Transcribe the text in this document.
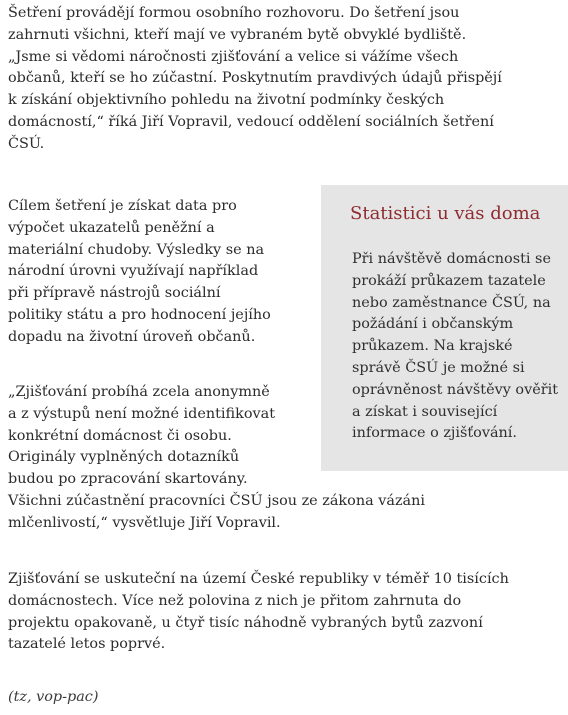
Šetření provádějí formou osobního rozhovoru. Do šetření jsou
zahrnuti všichni, kteří mají ve vybraném bytě obvyklé bydliště.
„Jsme si vědomi náročnosti zjišťování a velice si vážíme všech
občanů, kteří se ho zúčastní. Poskytnutím pravdivých údajů přispějí
k získání objektivního pohledu na životní podmínky českých
domácností,“ říká Jiří Vopravil, vedoucí oddělení sociálních šetření
ČSÚ.

Cílem šetření je získat data pro
výpočet ukazatelů peněžní a
materiální chudoby. Výsledky se na
národní úrovni využívají například
při přípravě nástrojů sociální
politiky státu a pro hodnocení jejího
dopadu na životní úroveň občanů.

Statistici u vás doma

Při návštěvě domácnosti se
prokáží průkazem tazatele
nebo zaměstnance ČSÚ, na
požádání i občanským
průkazem. Na krajské
správě ČSÚ je možné si
oprávněnost návštěvy ověřit
a získat i související
informace o zjišťování.

„Zjišťování probíhá zcela anonymně
a z výstupů není možné identifikovat
konkrétní domácnost či osobu.
Originály vyplněných dotazníků
budou po zpracování skartovány.
Všichni zúčastnění pracovníci ČSÚ jsou ze zákona vázáni
mlčenlivostí,“ vysvětluje Jiří Vopravil.

Zjišťování se uskuteční na území České republiky v téměř 10 tisících
domácnostech. Více než polovina z nich je přitom zahrnuta do
projektu opakovaně, u čtyř tisíc náhodně vybraných bytů zazvoní
tazatelé letos poprvé.

(tz, vop-pac)
